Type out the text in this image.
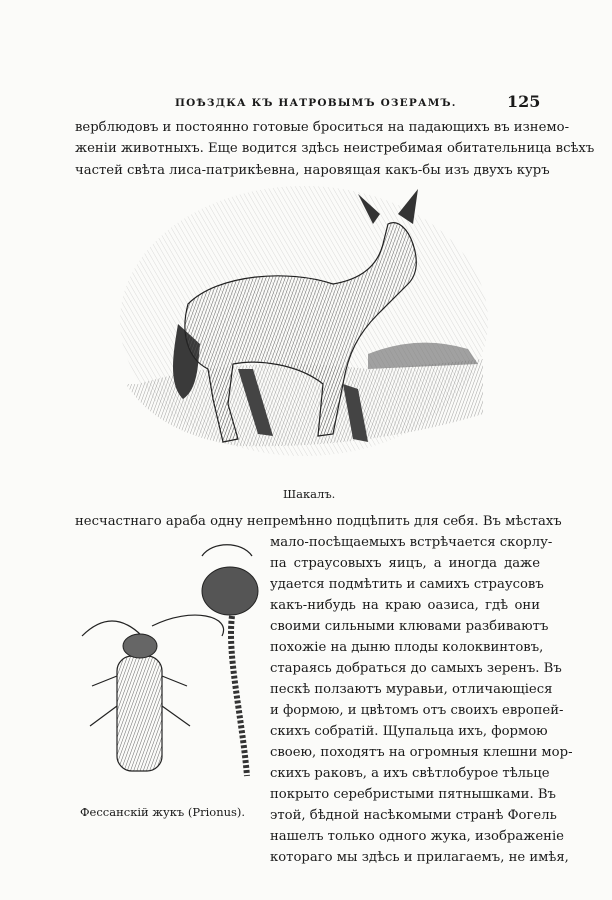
ПОѢЗДКА КЪ НАТРОВЫМЪ ОЗЕРАМЪ.	125
верблюдовъ и постоянно готовые броситься на падающихъ въ изнемо-
женіи животныхъ. Еще водится здѣсь неистребимая обитательница всѣхъ
частей свѣта лиса-патрикѣевна, наровящая какъ-бы изъ двухъ куръ
Шакалъ.
несчастнаго араба одну непремѣнно подцѣпить для себя. Въ мѣстахъ
мало-посѣщаемыхъ встрѣчается скорлу-
па страусовыхъ яицъ, а иногда даже
удается подмѣтить и самихъ страусовъ
какъ-нибудь на краю оазиса, гдѣ они
своими сильными клювами разбиваютъ
похожіе на дыню плоды колоквинтовъ,
стараясь добраться до самыхъ зеренъ. Въ
пескѣ ползаютъ муравьи, отличающіеся
и формою, и цвѣтомъ отъ своихъ европей-
скихъ собратій. Щупальца ихъ, формою
своею, походятъ на огромныя клешни мор-
скихъ раковъ, а ихъ свѣтлобурое тѣльце
покрыто серебристыми пятнышками. Въ
этой, бѣдной насѣкомыми странѣ Фогель
нашелъ только одного жука, изображеніе
котораго мы здѣсь и прилагаемъ, не имѣя,
Фессанскій жукъ (Prionus).
